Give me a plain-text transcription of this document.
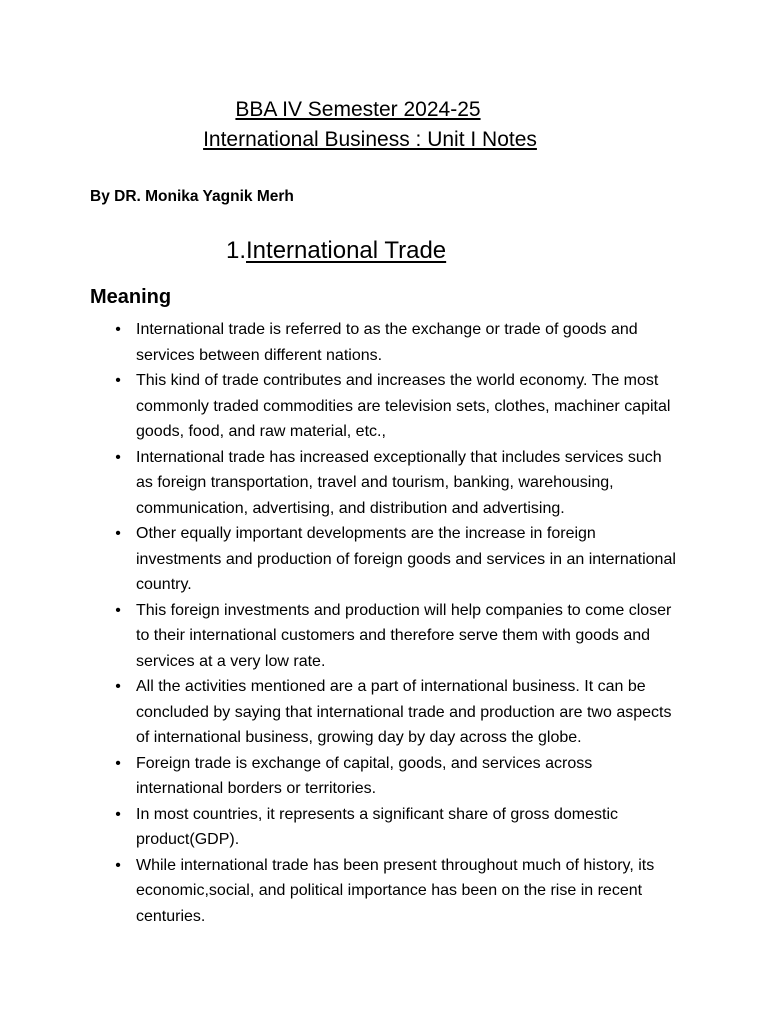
BBA IV Semester 2024-25
International Business : Unit I Notes
By DR. Monika Yagnik Merh
1.International Trade
Meaning
• International trade is referred to as the exchange or trade of goods and services between different nations.
• This kind of trade contributes and increases the world economy. The most commonly traded commodities are television sets, clothes, machiner capital goods, food, and raw material, etc.,
• International trade has increased exceptionally that includes services such as foreign transportation, travel and tourism, banking, warehousing, communication, advertising, and distribution and advertising.
• Other equally important developments are the increase in foreign investments and production of foreign goods and services in an international country.
• This foreign investments and production will help companies to come closer to their international customers and therefore serve them with goods and services at a very low rate.
• All the activities mentioned are a part of international business. It can be concluded by saying that international trade and production are two aspects of international business, growing day by day across the globe.
• Foreign trade is exchange of capital, goods, and services across international borders or territories.
• In most countries, it represents a significant share of gross domestic product(GDP).
• While international trade has been present throughout much of history, its economic,social, and political importance has been on the rise in recent centuries.
